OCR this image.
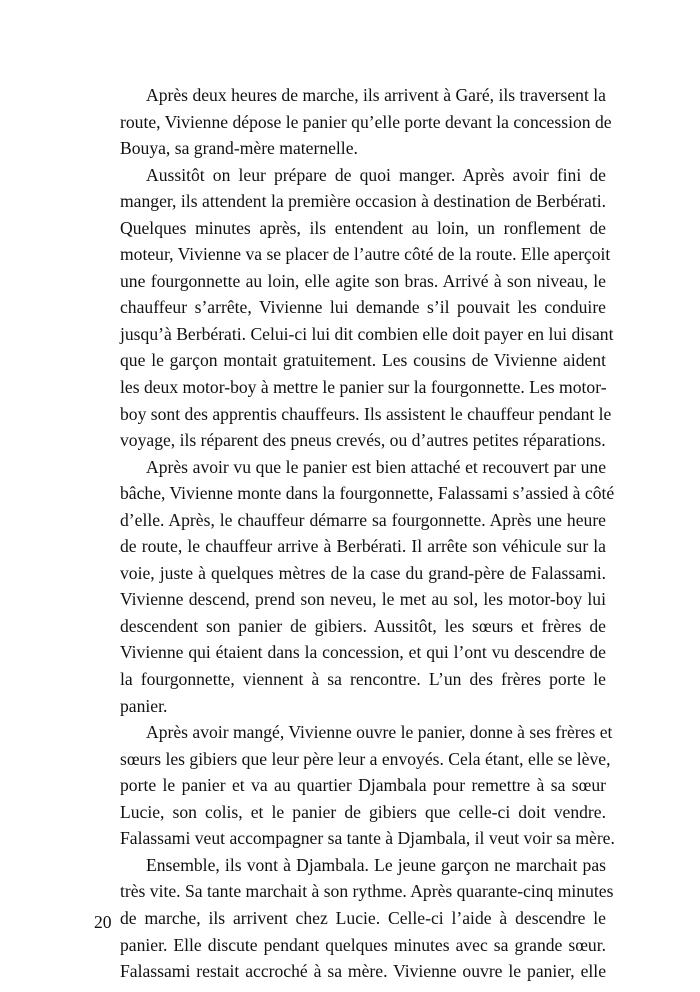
Après deux heures de marche, ils arrivent à Garé, ils traversent la
route, Vivienne dépose le panier qu’elle porte devant la concession de
Bouya, sa grand-mère maternelle.
Aussitôt on leur prépare de quoi manger. Après avoir fini de
manger, ils attendent la première occasion à destination de Berbérati.
Quelques minutes après, ils entendent au loin, un ronflement de
moteur, Vivienne va se placer de l’autre côté de la route. Elle aperçoit
une fourgonnette au loin, elle agite son bras. Arrivé à son niveau, le
chauffeur s’arrête, Vivienne lui demande s’il pouvait les conduire
jusqu’à Berbérati. Celui-ci lui dit combien elle doit payer en lui disant
que le garçon montait gratuitement. Les cousins de Vivienne aident
les deux motor-boy à mettre le panier sur la fourgonnette. Les motor-
boy sont des apprentis chauffeurs. Ils assistent le chauffeur pendant le
voyage, ils réparent des pneus crevés, ou d’autres petites réparations.
Après avoir vu que le panier est bien attaché et recouvert par une
bâche, Vivienne monte dans la fourgonnette, Falassami s’assied à côté
d’elle. Après, le chauffeur démarre sa fourgonnette. Après une heure
de route, le chauffeur arrive à Berbérati. Il arrête son véhicule sur la
voie, juste à quelques mètres de la case du grand-père de Falassami.
Vivienne descend, prend son neveu, le met au sol, les motor-boy lui
descendent son panier de gibiers. Aussitôt, les sœurs et frères de
Vivienne qui étaient dans la concession, et qui l’ont vu descendre de
la fourgonnette, viennent à sa rencontre. L’un des frères porte le
panier.
Après avoir mangé, Vivienne ouvre le panier, donne à ses frères et
sœurs les gibiers que leur père leur a envoyés. Cela étant, elle se lève,
porte le panier et va au quartier Djambala pour remettre à sa sœur
Lucie, son colis, et le panier de gibiers que celle-ci doit vendre.
Falassami veut accompagner sa tante à Djambala, il veut voir sa mère.
Ensemble, ils vont à Djambala. Le jeune garçon ne marchait pas
très vite. Sa tante marchait à son rythme. Après quarante-cinq minutes
de marche, ils arrivent chez Lucie. Celle-ci l’aide à descendre le
panier. Elle discute pendant quelques minutes avec sa grande sœur.
Falassami restait accroché à sa mère. Vivienne ouvre le panier, elle
20
